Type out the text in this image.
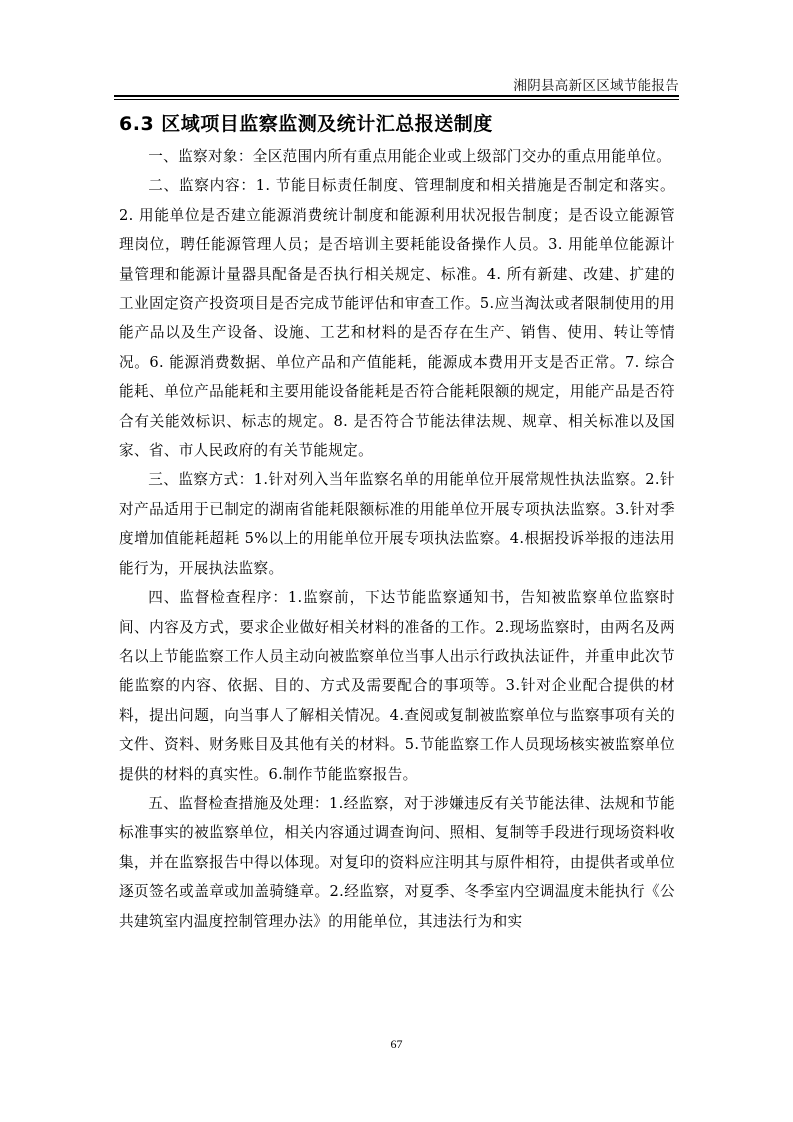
湘阴县高新区区域节能报告
6.3 区域项目监察监测及统计汇总报送制度

一、监察对象：全区范围内所有重点用能企业或上级部门交办的重点用能单位。

二、监察内容：1. 节能目标责任制度、管理制度和相关措施是否制定和落实。2. 用能单位是否建立能源消费统计制度和能源利用状况报告制度；是否设立能源管理岗位，聘任能源管理人员；是否培训主要耗能设备操作人员。3. 用能单位能源计量管理和能源计量器具配备是否执行相关规定、标准。4. 所有新建、改建、扩建的工业固定资产投资项目是否完成节能评估和审查工作。5.应当淘汰或者限制使用的用能产品以及生产设备、设施、工艺和材料的是否存在生产、销售、使用、转让等情况。6. 能源消费数据、单位产品和产值能耗，能源成本费用开支是否正常。7. 综合能耗、单位产品能耗和主要用能设备能耗是否符合能耗限额的规定，用能产品是否符合有关能效标识、标志的规定。8. 是否符合节能法律法规、规章、相关标准以及国家、省、市人民政府的有关节能规定。

三、监察方式：1.针对列入当年监察名单的用能单位开展常规性执法监察。2.针对产品适用于已制定的湖南省能耗限额标准的用能单位开展专项执法监察。3.针对季度增加值能耗超耗 5%以上的用能单位开展专项执法监察。4.根据投诉举报的违法用能行为，开展执法监察。

四、监督检查程序：1.监察前，下达节能监察通知书，告知被监察单位监察时间、内容及方式，要求企业做好相关材料的准备的工作。2.现场监察时，由两名及两名以上节能监察工作人员主动向被监察单位当事人出示行政执法证件，并重申此次节能监察的内容、依据、目的、方式及需要配合的事项等。3.针对企业配合提供的材料，提出问题，向当事人了解相关情况。4.查阅或复制被监察单位与监察事项有关的文件、资料、财务账目及其他有关的材料。5.节能监察工作人员现场核实被监察单位提供的材料的真实性。6.制作节能监察报告。

五、监督检查措施及处理：1.经监察，对于涉嫌违反有关节能法律、法规和节能标准事实的被监察单位，相关内容通过调查询问、照相、复制等手段进行现场资料收集，并在监察报告中得以体现。对复印的资料应注明其与原件相符，由提供者或单位逐页签名或盖章或加盖骑缝章。2.经监察，对夏季、冬季室内空调温度未能执行《公共建筑室内温度控制管理办法》的用能单位，其违法行为和实

67
